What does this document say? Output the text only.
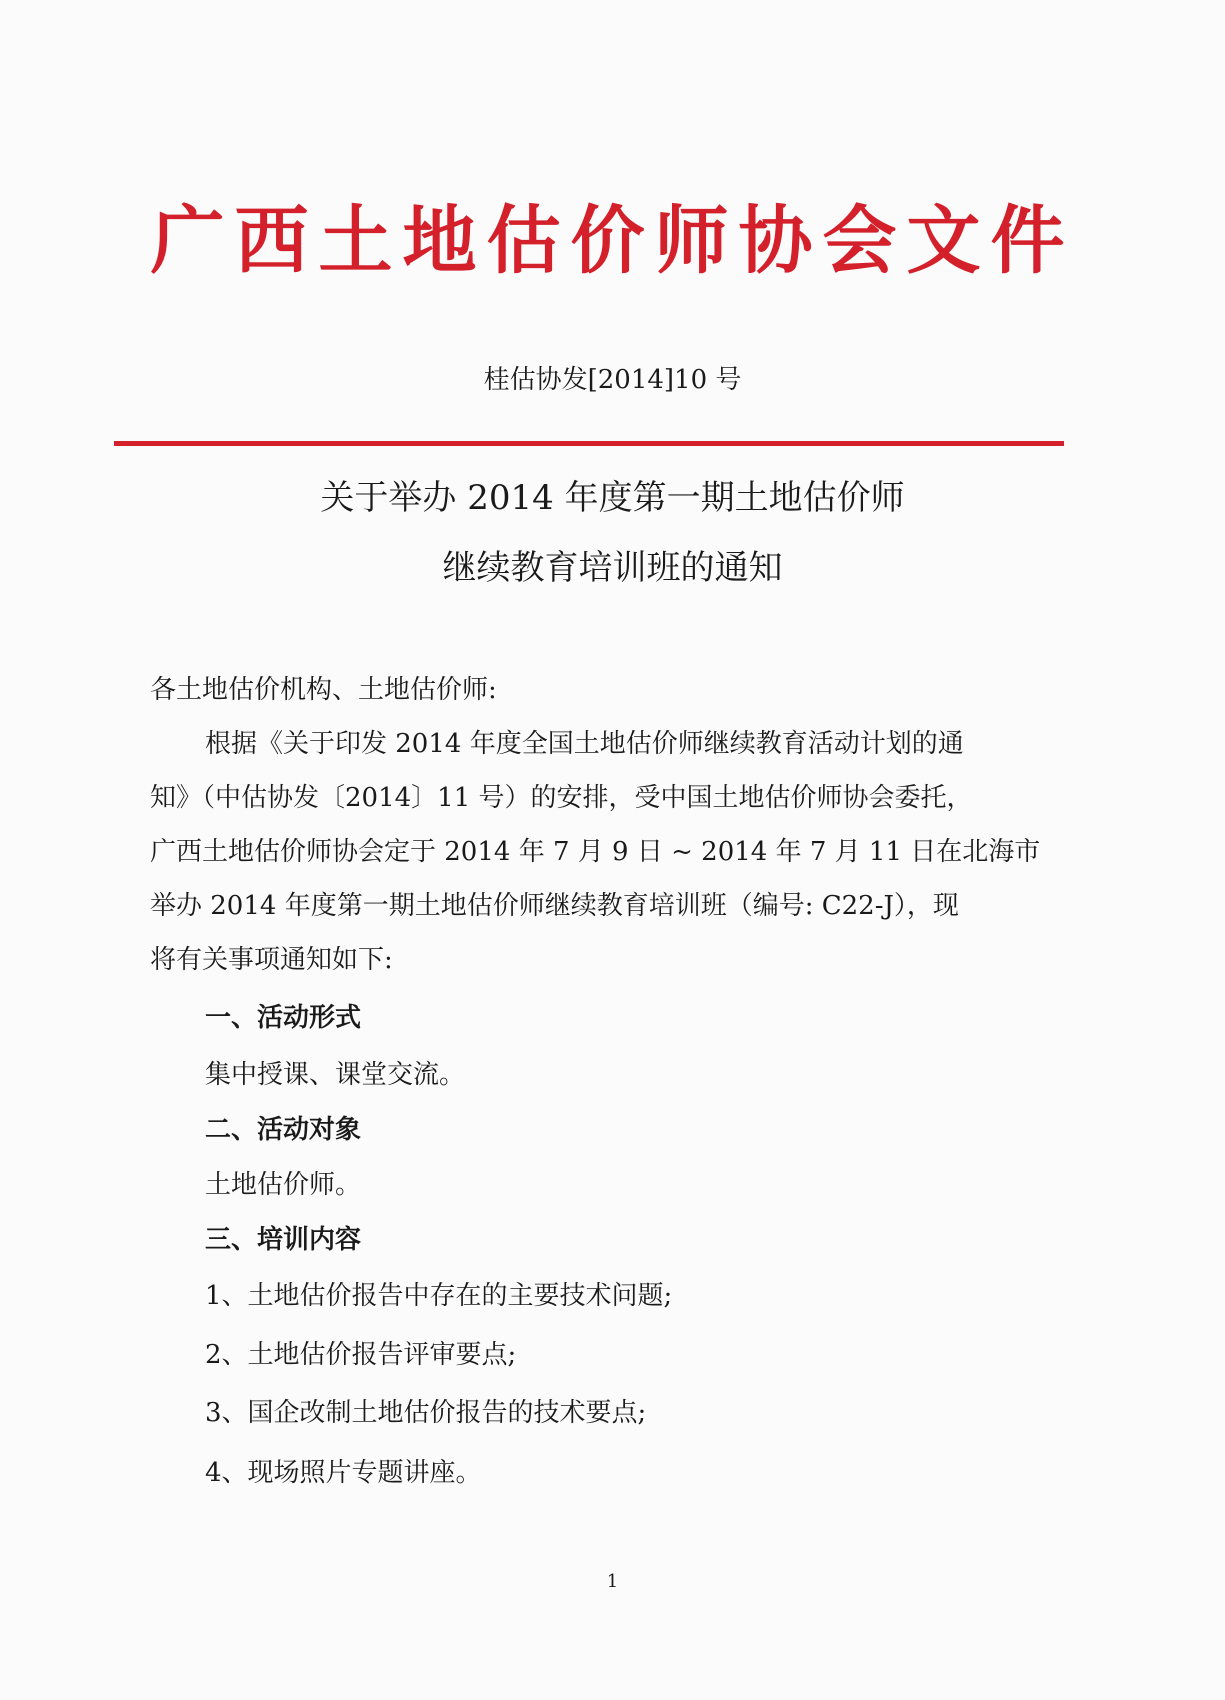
广西土地估价师协会文件
桂估协发[2014]10 号
关于举办 2014 年度第一期土地估价师
继续教育培训班的通知
各土地估价机构、土地估价师:
根据《关于印发 2014 年度全国土地估价师继续教育活动计划的通
知》（中估协发〔2014〕11 号）的安排，受中国土地估价师协会委托，
广西土地估价师协会定于 2014 年 7 月 9 日 ~ 2014 年 7 月 11 日在北海市
举办 2014 年度第一期土地估价师继续教育培训班（编号: C22-J），现
将有关事项通知如下:
一、活动形式
集中授课、课堂交流。
二、活动对象
土地估价师。
三、培训内容
1、土地估价报告中存在的主要技术问题;
2、土地估价报告评审要点;
3、国企改制土地估价报告的技术要点;
4、现场照片专题讲座。
1
